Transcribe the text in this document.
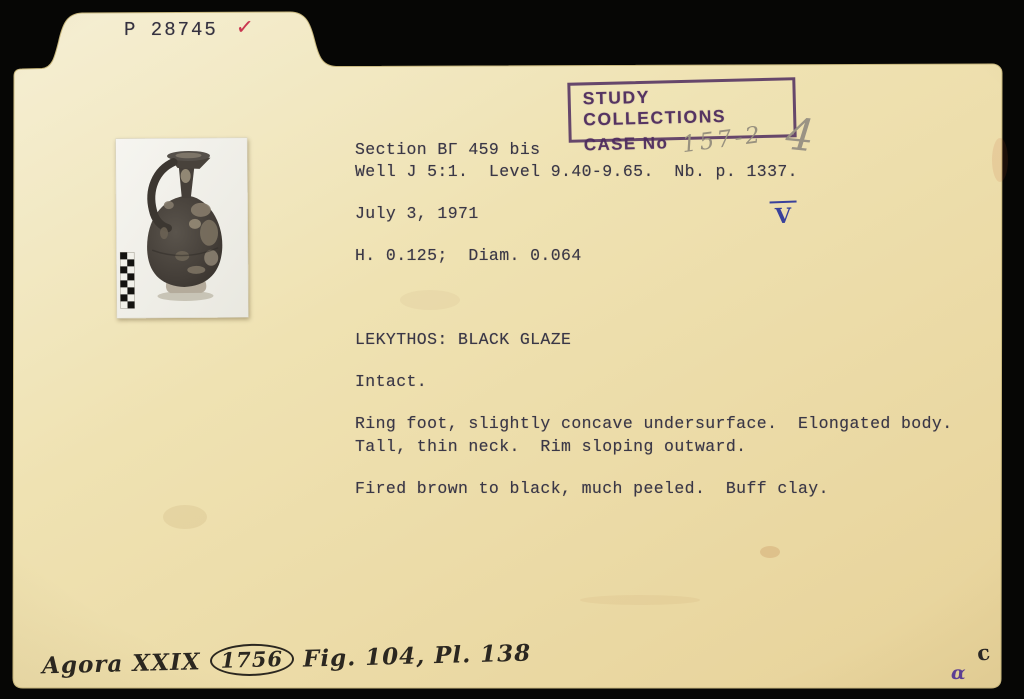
P 28745 ✓
STUDY COLLECTIONS
CASE No 157-2 4
Section ΒΓ 459 bis
Well J 5:1.  Level 9.40-9.65.  Nb. p. 1337.
July 3, 1971
H. 0.125;  Diam. 0.064
LEKYTHOS: BLACK GLAZE
Intact.
Ring foot, slightly concave undersurface.  Elongated body.
Tall, thin neck.  Rim sloping outward.
Fired brown to black, much peeled.  Buff clay.
V
Agora XXIX 1756 Fig. 104, Pl. 138	c
α
